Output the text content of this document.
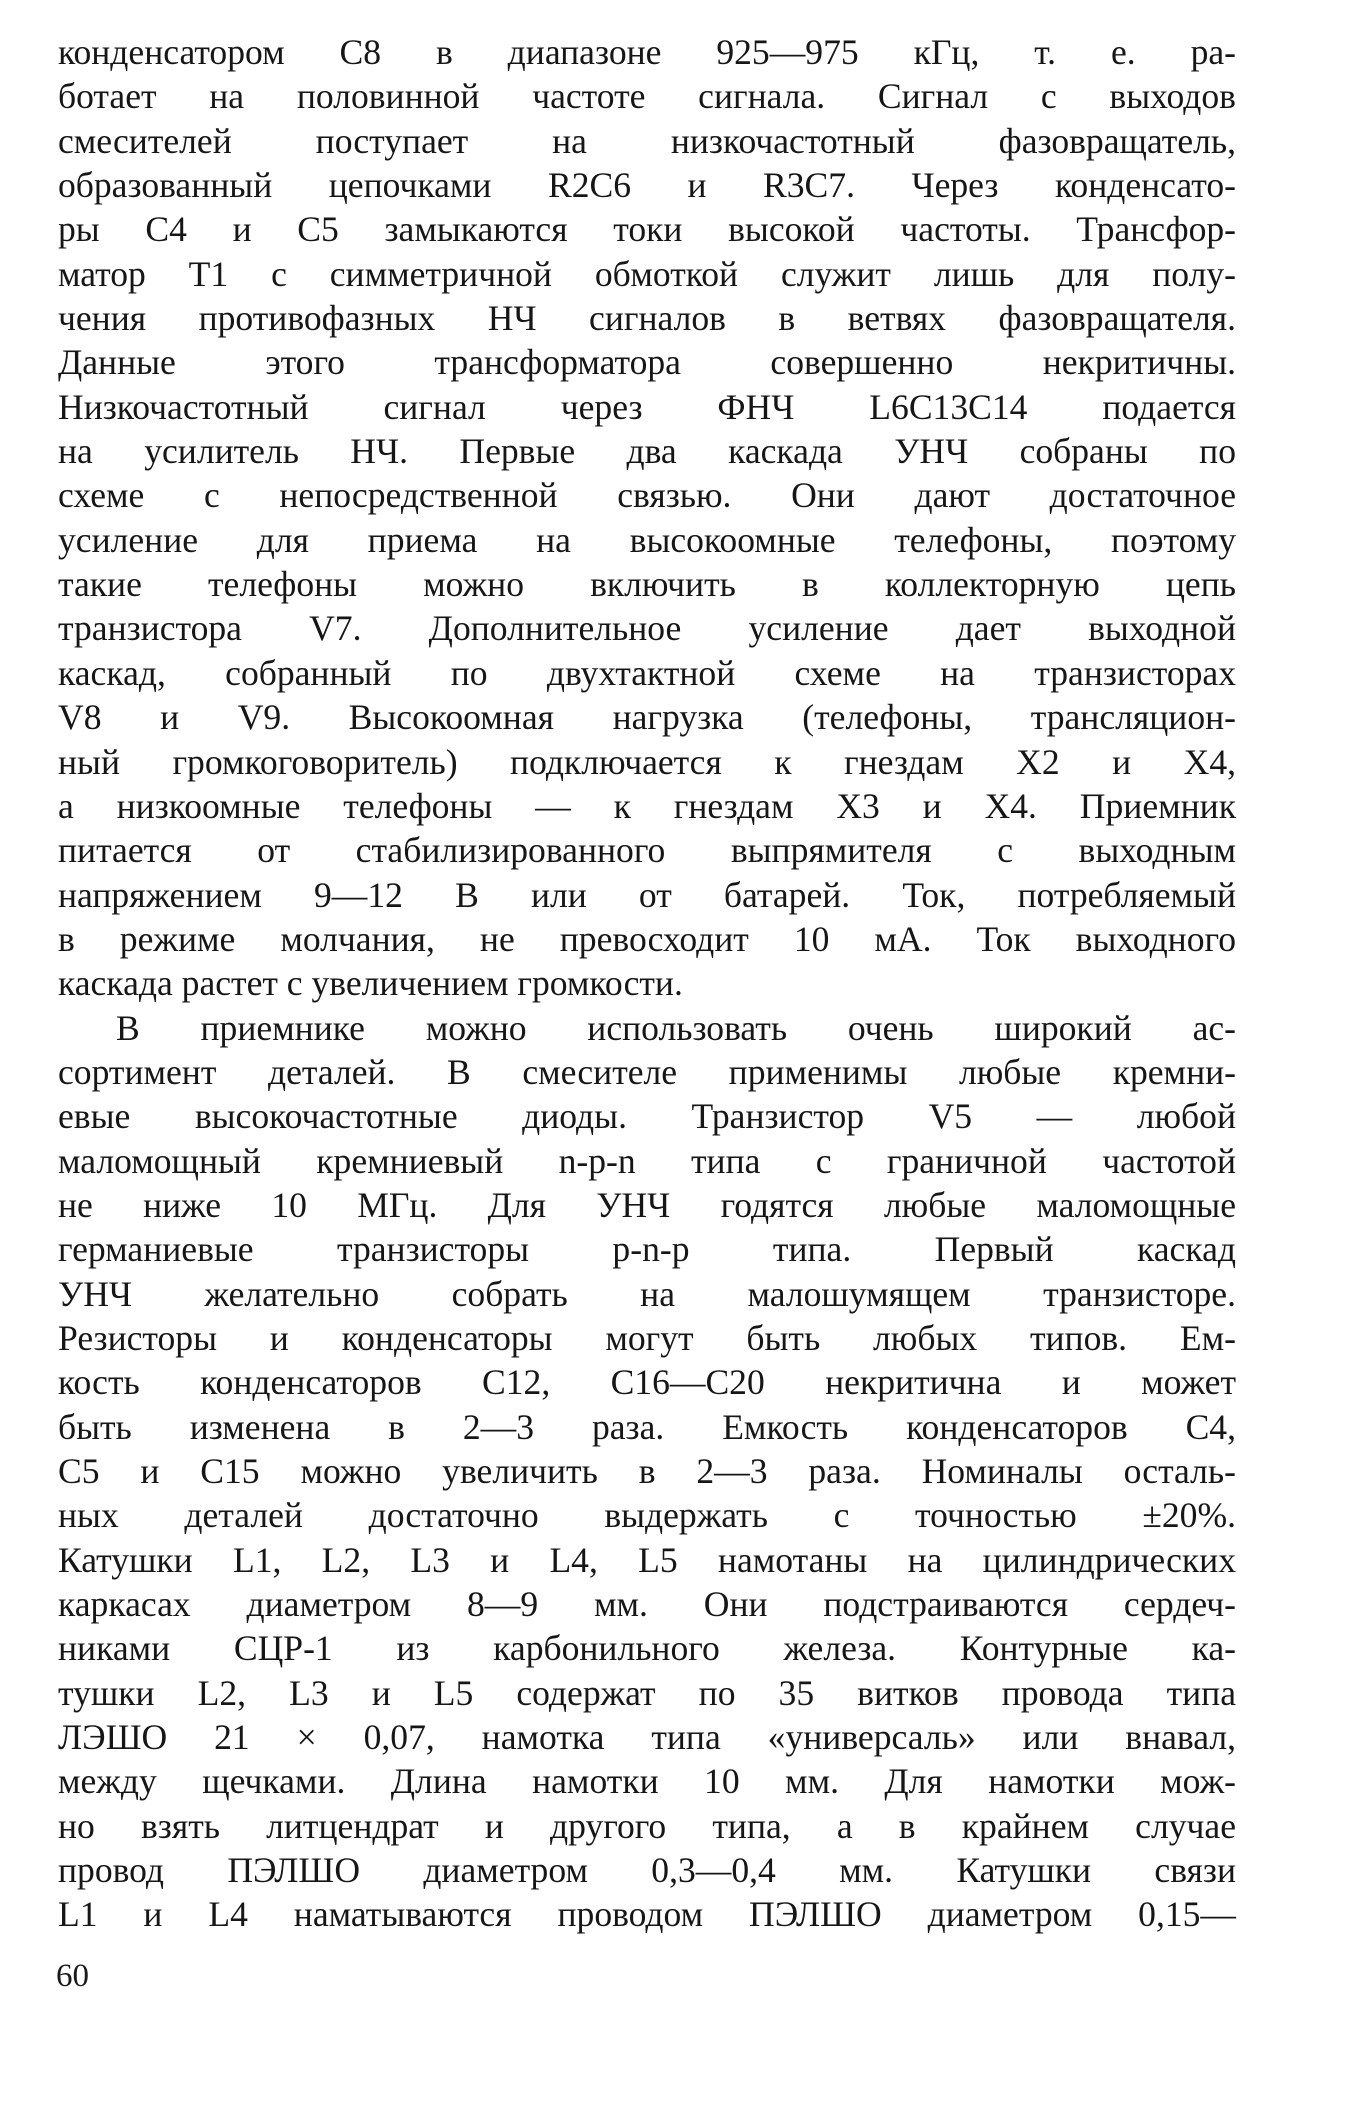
конденсатором С8 в диапазоне 925—975 кГц, т. е. ра-
ботает на половинной частоте сигнала. Сигнал с выходов
смесителей поступает на низкочастотный фазовращатель,
образованный цепочками R2C6 и R3C7. Через конденсато-
ры С4 и С5 замыкаются токи высокой частоты. Трансфор-
матор T1 с симметричной обмоткой служит лишь для полу-
чения противофазных НЧ сигналов в ветвях фазовращателя.
Данные этого трансформатора совершенно некритичны.
Низкочастотный сигнал через ФНЧ L6C13C14 подается
на усилитель НЧ. Первые два каскада УНЧ собраны по
схеме с непосредственной связью. Они дают достаточное
усиление для приема на высокоомные телефоны, поэтому
такие телефоны можно включить в коллекторную цепь
транзистора V7. Дополнительное усиление дает выходной
каскад, собранный по двухтактной схеме на транзисторах
V8 и V9. Высокоомная нагрузка (телефоны, трансляцион-
ный громкоговоритель) подключается к гнездам X2 и X4,
а низкоомные телефоны — к гнездам X3 и X4. Приемник
питается от стабилизированного выпрямителя с выходным
напряжением 9—12 В или от батарей. Ток, потребляемый
в режиме молчания, не превосходит 10 мА. Ток выходного
каскада растет с увеличением громкости.
В приемнике можно использовать очень широкий ас-
сортимент деталей. В смесителе применимы любые кремни-
евые высокочастотные диоды. Транзистор V5 — любой
маломощный кремниевый n-p-n типа с граничной частотой
не ниже 10 МГц. Для УНЧ годятся любые маломощные
германиевые транзисторы p-n-p типа. Первый каскад
УНЧ желательно собрать на малошумящем транзисторе.
Резисторы и конденсаторы могут быть любых типов. Ем-
кость конденсаторов С12, С16—С20 некритична и может
быть изменена в 2—3 раза. Емкость конденсаторов С4,
С5 и С15 можно увеличить в 2—3 раза. Номиналы осталь-
ных деталей достаточно выдержать с точностью ±20%.
Катушки L1, L2, L3 и L4, L5 намотаны на цилиндрических
каркасах диаметром 8—9 мм. Они подстраиваются сердеч-
никами СЦР-1 из карбонильного железа. Контурные ка-
тушки L2, L3 и L5 содержат по 35 витков провода типа
ЛЭШО 21 × 0,07, намотка типа «универсаль» или внавал,
между щечками. Длина намотки 10 мм. Для намотки мож-
но взять литцендрат и другого типа, а в крайнем случае
провод ПЭЛШО диаметром 0,3—0,4 мм. Катушки связи
L1 и L4 наматываются проводом ПЭЛШО диаметром 0,15—
60
